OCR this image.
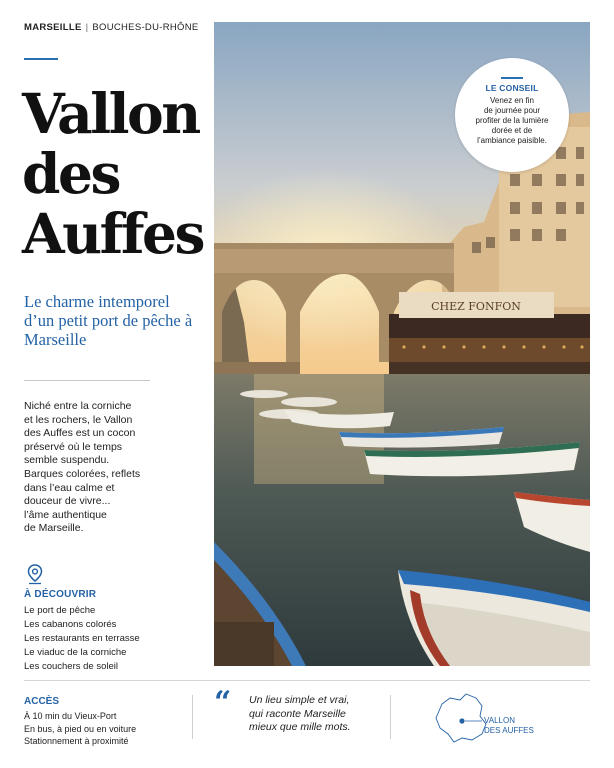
MARSEILLE | BOUCHES-DU-RHÔNE
Vallon
des
Auffes
Le charme intemporel d’un petit port de pêche à Marseille
Niché entre la corniche
et les rochers, le Vallon
des Auffes est un cocon
préservé où le temps
semble suspendu.
Barques colorées, reflets
dans l’eau calme et
douceur de vivre...
l’âme authentique
de Marseille.
À DÉCOUVRIR
Le port de pêche
Les cabanons colorés
Les restaurants en terrasse
Le viaduc de la corniche
Les couchers de soleil
CHEZ FONFON
LE CONSEIL
Venez en fin
de journée pour
profiter de la lumière
dorée et de
l’ambiance paisible.
ACCÈS
À 10 min du Vieux-Port
En bus, à pied ou en voiture
Stationnement à proximité
“ Un lieu simple et vrai,
qui raconte Marseille
mieux que mille mots.
VALLON
DES AUFFES
